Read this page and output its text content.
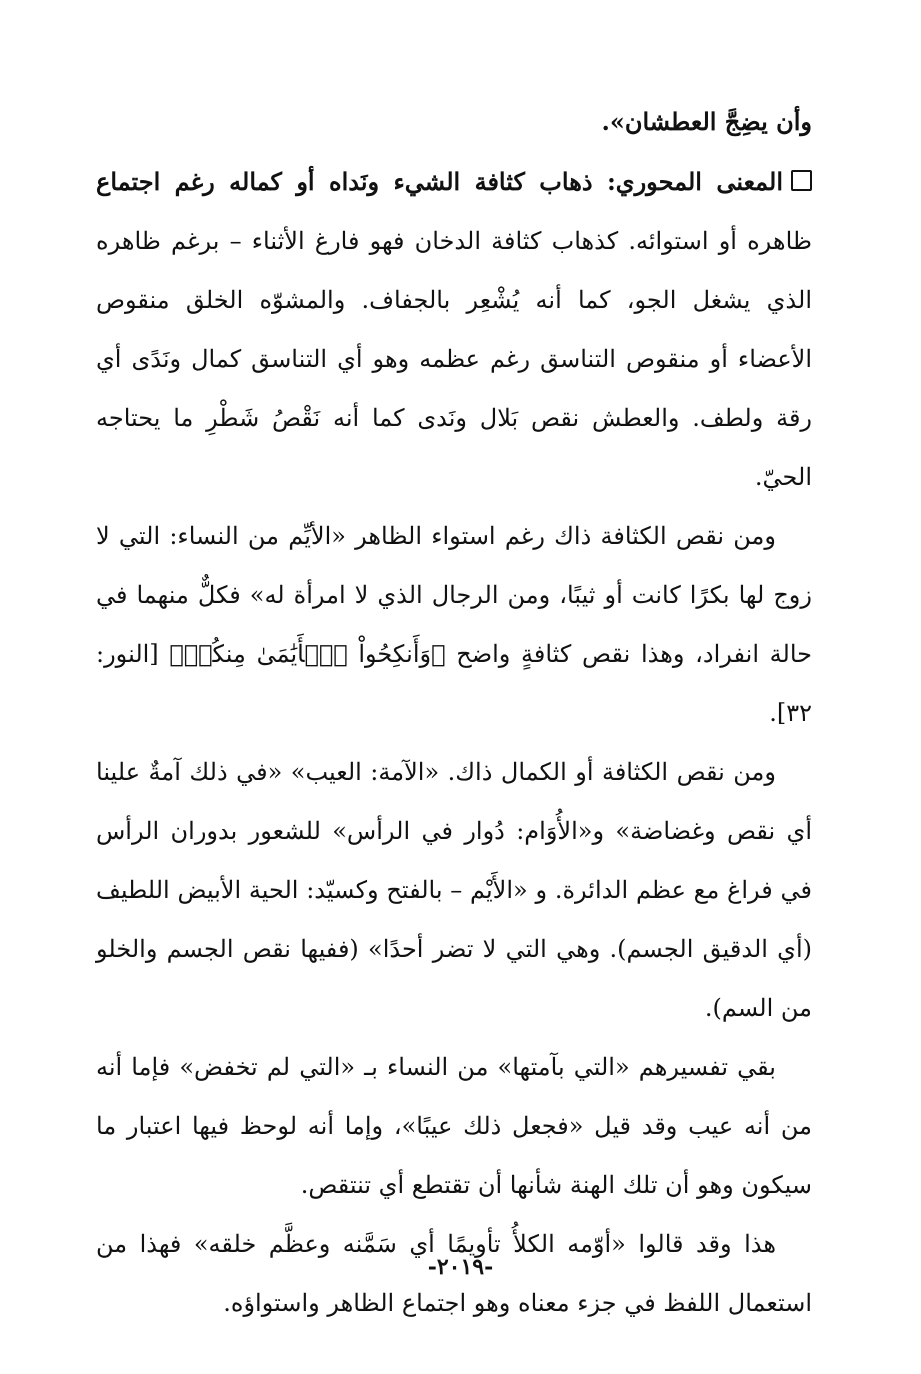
وأن يضِجَّ العطشان».

المعنى المحوري: ذهاب كثافة الشيء ونَداه أو كماله رغم اجتماع ظاهره أو استوائه. كذهاب كثافة الدخان فهو فارغ الأثناء – برغم ظاهره الذي يشغل الجو، كما أنه يُشْعِر بالجفاف. والمشوّه الخلق منقوص الأعضاء أو منقوص التناسق رغم عظمه وهو أي التناسق كمال ونَدًى أي رقة ولطف. والعطش نقص بَلال ونَدى كما أنه نَقْصُ شَطْرِ ما يحتاجه الحيّ.

ومن نقص الكثافة ذاك رغم استواء الظاهر «الأيِّم من النساء: التي لا زوج لها بكرًا كانت أو ثيبًا، ومن الرجال الذي لا امرأة له» فكلٌّ منهما في حالة انفراد، وهذا نقص كثافةٍ واضح ﴿وَأَنكِحُواْ ٱلۡأَيَٰمَىٰ مِنكُمۡ﴾ [النور: ٣٢].

ومن نقص الكثافة أو الكمال ذاك. «الآمة: العيب» «في ذلك آمةٌ علينا أي نقص وغضاضة» و«الأُوَام: دُوار في الرأس» للشعور بدوران الرأس في فراغ مع عظم الدائرة. و «الأَيْم – بالفتح وكسيّد: الحية الأبيض اللطيف (أي الدقيق الجسم). وهي التي لا تضر أحدًا» (ففيها نقص الجسم والخلو من السم).

بقي تفسيرهم «التي بآمتها» من النساء بـ «التي لم تخفض» فإما أنه من أنه عيب وقد قيل «فجعل ذلك عيبًا»، وإما أنه لوحظ فيها اعتبار ما سيكون وهو أن تلك الهنة شأنها أن تقتطع أي تنتقص.

هذا وقد قالوا «أوّمه الكلأُ تأويمًا أي سَمَّنه وعظَّم خلقه» فهذا من استعمال اللفظ في جزء معناه وهو اجتماع الظاهر واستواؤه.

-٢٠١٩-
